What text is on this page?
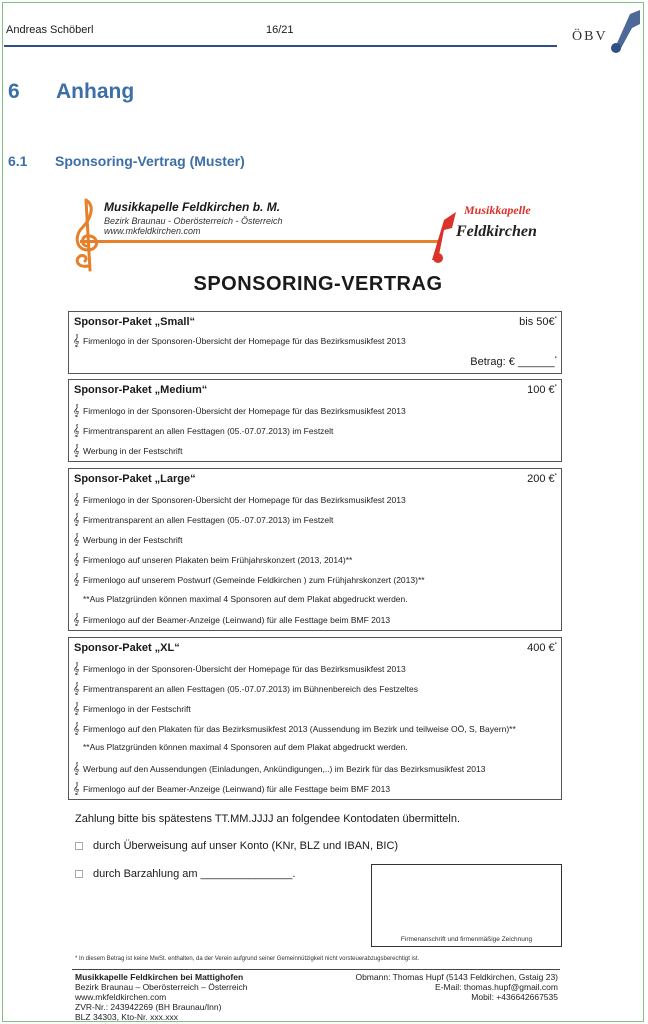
Andreas Schöberl	16/21	ÖBV
6 Anhang
6.1 Sponsoring-Vertrag (Muster)
Musikkapelle Feldkirchen b. M.
Bezirk Braunau - Oberösterreich - Österreich
www.mkfeldkirchen.com
Musikkapelle
Feldkirchen
SPONSORING-VERTRAG
Sponsor-Paket „Small“	bis 50€*
𝄞 Firmenlogo in der Sponsoren-Übersicht der Homepage für das Bezirksmusikfest 2013
Betrag: € ______*
Sponsor-Paket „Medium“	100 €*
𝄞 Firmenlogo in der Sponsoren-Übersicht der Homepage für das Bezirksmusikfest 2013
𝄞 Firmentransparent an allen Festtagen (05.-07.07.2013) im Festzelt
𝄞 Werbung in der Festschrift
Sponsor-Paket „Large“	200 €*
𝄞 Firmenlogo in der Sponsoren-Übersicht der Homepage für das Bezirksmusikfest 2013
𝄞 Firmentransparent an allen Festtagen (05.-07.07.2013) im Festzelt
𝄞 Werbung in der Festschrift
𝄞 Firmenlogo auf unseren Plakaten beim Frühjahrskonzert (2013, 2014)**
𝄞 Firmenlogo auf unserem Postwurf (Gemeinde Feldkirchen ) zum Frühjahrskonzert (2013)**
**Aus Platzgründen können maximal 4 Sponsoren auf dem Plakat abgedruckt werden.
𝄞 Firmenlogo auf der Beamer-Anzeige (Leinwand) für alle Festtage beim BMF 2013
Sponsor-Paket „XL“	400 €*
𝄞 Firmenlogo in der Sponsoren-Übersicht der Homepage für das Bezirksmusikfest 2013
𝄞 Firmentransparent an allen Festtagen (05.-07.07.2013) im Bühnenbereich des Festzeltes
𝄞 Firmenlogo in der Festschrift
𝄞 Firmenlogo auf den Plakaten für das Bezirksmusikfest 2013 (Aussendung im Bezirk und teilweise OÖ, S, Bayern)**
**Aus Platzgründen können maximal 4 Sponsoren auf dem Plakat abgedruckt werden.
𝄞 Werbung auf den Aussendungen (Einladungen, Ankündigungen,..) im Bezirk für das Bezirksmusikfest 2013
𝄞 Firmenlogo auf der Beamer-Anzeige (Leinwand) für alle Festtage beim BMF 2013
Zahlung bitte bis spätestens TT.MM.JJJJ an folgendee Kontodaten übermitteln.
durch Überweisung auf unser Konto (KNr, BLZ und IBAN, BIC)
durch Barzahlung am _______________.
Firmenanschrift und firmenmäßige Zeichnung
* In diesem Betrag ist keine MwSt. enthalten, da der Verein aufgrund seiner Gemeinnützigkeit nicht vorsteuerabzugsberechtigt ist.
Musikkapelle Feldkirchen bei Mattighofen
Bezirk Braunau – Oberösterreich – Österreich
www.mkfeldkirchen.com
ZVR-Nr.: 243942269 (BH Braunau/Inn)
BLZ 34303, Kto-Nr. xxx.xxx
Obmann: Thomas Hupf (5143 Feldkirchen, Gstaig 23)
E-Mail: thomas.hupf@gmail.com
Mobil: +436642667535
